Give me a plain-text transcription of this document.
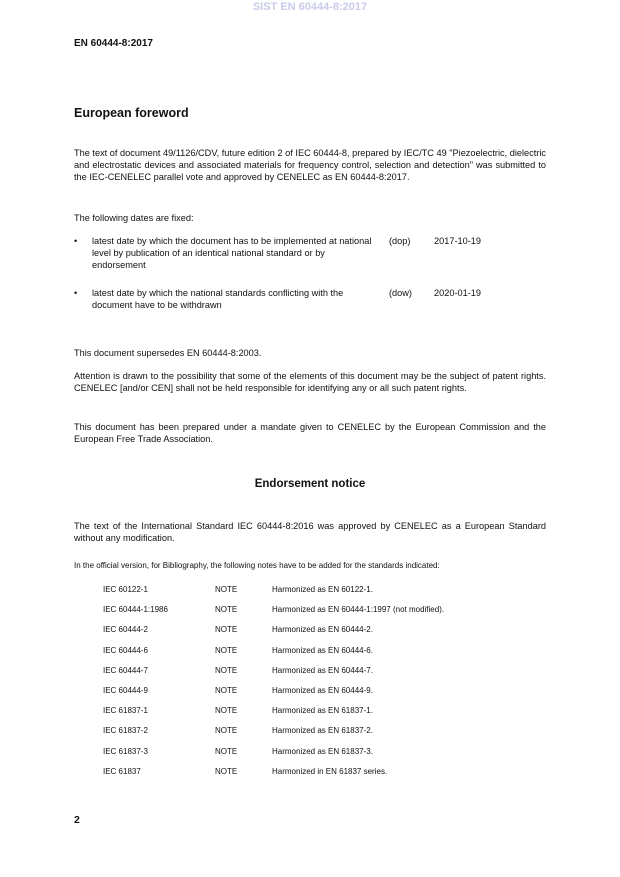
SIST EN 60444-8:2017
EN 60444-8:2017
European foreword
The text of document 49/1126/CDV, future edition 2 of IEC 60444-8, prepared by IEC/TC 49 "Piezoelectric, dielectric and electrostatic devices and associated materials for frequency control, selection and detection" was submitted to the IEC-CENELEC parallel vote and approved by CENELEC as EN 60444-8:2017.
The following dates are fixed:
• latest date by which the document has to be implemented at national level by publication of an identical national standard or by endorsement
(dop)	2017-10-19
• latest date by which the national standards conflicting with the document have to be withdrawn
(dow) 2020-01-19
This document supersedes EN 60444-8:2003.
Attention is drawn to the possibility that some of the elements of this document may be the subject of patent rights. CENELEC [and/or CEN] shall not be held responsible for identifying any or all such patent rights.
This document has been prepared under a mandate given to CENELEC by the European Commission and the European Free Trade Association.
Endorsement notice
The text of the International Standard IEC 60444-8:2016 was approved by CENELEC as a European Standard without any modification.
In the official version, for Bibliography, the following notes have to be added for the standards indicated:
IEC 60122-1	NOTE	Harmonized as EN 60122-1.
IEC 60444-1:1986	NOTE	Harmonized as EN 60444-1:1997 (not modified).
IEC 60444-2	NOTE	Harmonized as EN 60444-2.
IEC 60444-6	NOTE	Harmonized as EN 60444-6.
IEC 60444-7	NOTE	Harmonized as EN 60444-7.
IEC 60444-9	NOTE	Harmonized as EN 60444-9.
IEC 61837-1	NOTE	Harmonized as EN 61837-1.
IEC 61837-2	NOTE	Harmonized as EN 61837-2.
IEC 61837-3	NOTE	Harmonized as EN 61837-3.
IEC 61837	NOTE	Harmonized in EN 61837 series.
2
